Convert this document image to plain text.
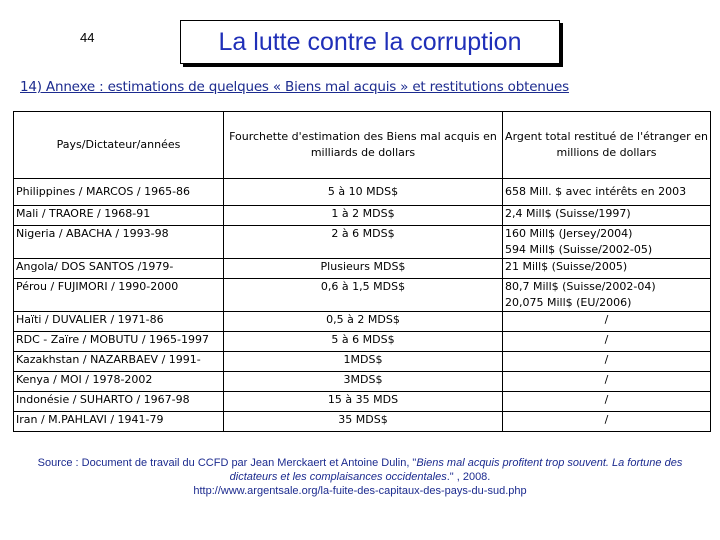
44	La lutte contre la corruption
14) Annexe : estimations de quelques « Biens mal acquis » et restitutions obtenues
Pays/Dictateur/années	Fourchette d'estimation des Biens mal acquis en milliards de dollars	Argent total restitué de l'étranger en millions de dollars
Philippines / MARCOS / 1965-86	5 à 10 MDS$	658 Mill. $ avec intérêts en 2003

Mali / TRAORE / 1968-91	1 à 2 MDS$	2,4 Mill$ (Suisse/1997)

Nigeria / ABACHA / 1993-98	2 à 6 MDS$	160 Mill$ (Jersey/2004)
594 Mill$ (Suisse/2002-05)

Angola/ DOS SANTOS /1979-	Plusieurs MDS$	21 Mill$ (Suisse/2005)

Pérou / FUJIMORI / 1990-2000	0,6 à 1,5 MDS$	80,7 Mill$ (Suisse/2002-04)
20,075 Mill$ (EU/2006)

Haïti / DUVALIER / 1971-86	0,5 à 2 MDS$	/

RDC - Zaïre / MOBUTU / 1965-1997	5 à 6 MDS$	/

Kazakhstan / NAZARBAEV / 1991-	1MDS$	/

Kenya / MOI / 1978-2002	3MDS$	/

Indonésie / SUHARTO / 1967-98	15 à 35 MDS	/

Iran / M.PAHLAVI / 1941-79	35 MDS$	/
Source : Document de travail du CCFD par Jean Merckaert et Antoine Dulin, "Biens mal acquis profitent trop souvent. La fortune des dictateurs et les complaisances occidentales." , 2008.
http://www.argentsale.org/la-fuite-des-capitaux-des-pays-du-sud.php
